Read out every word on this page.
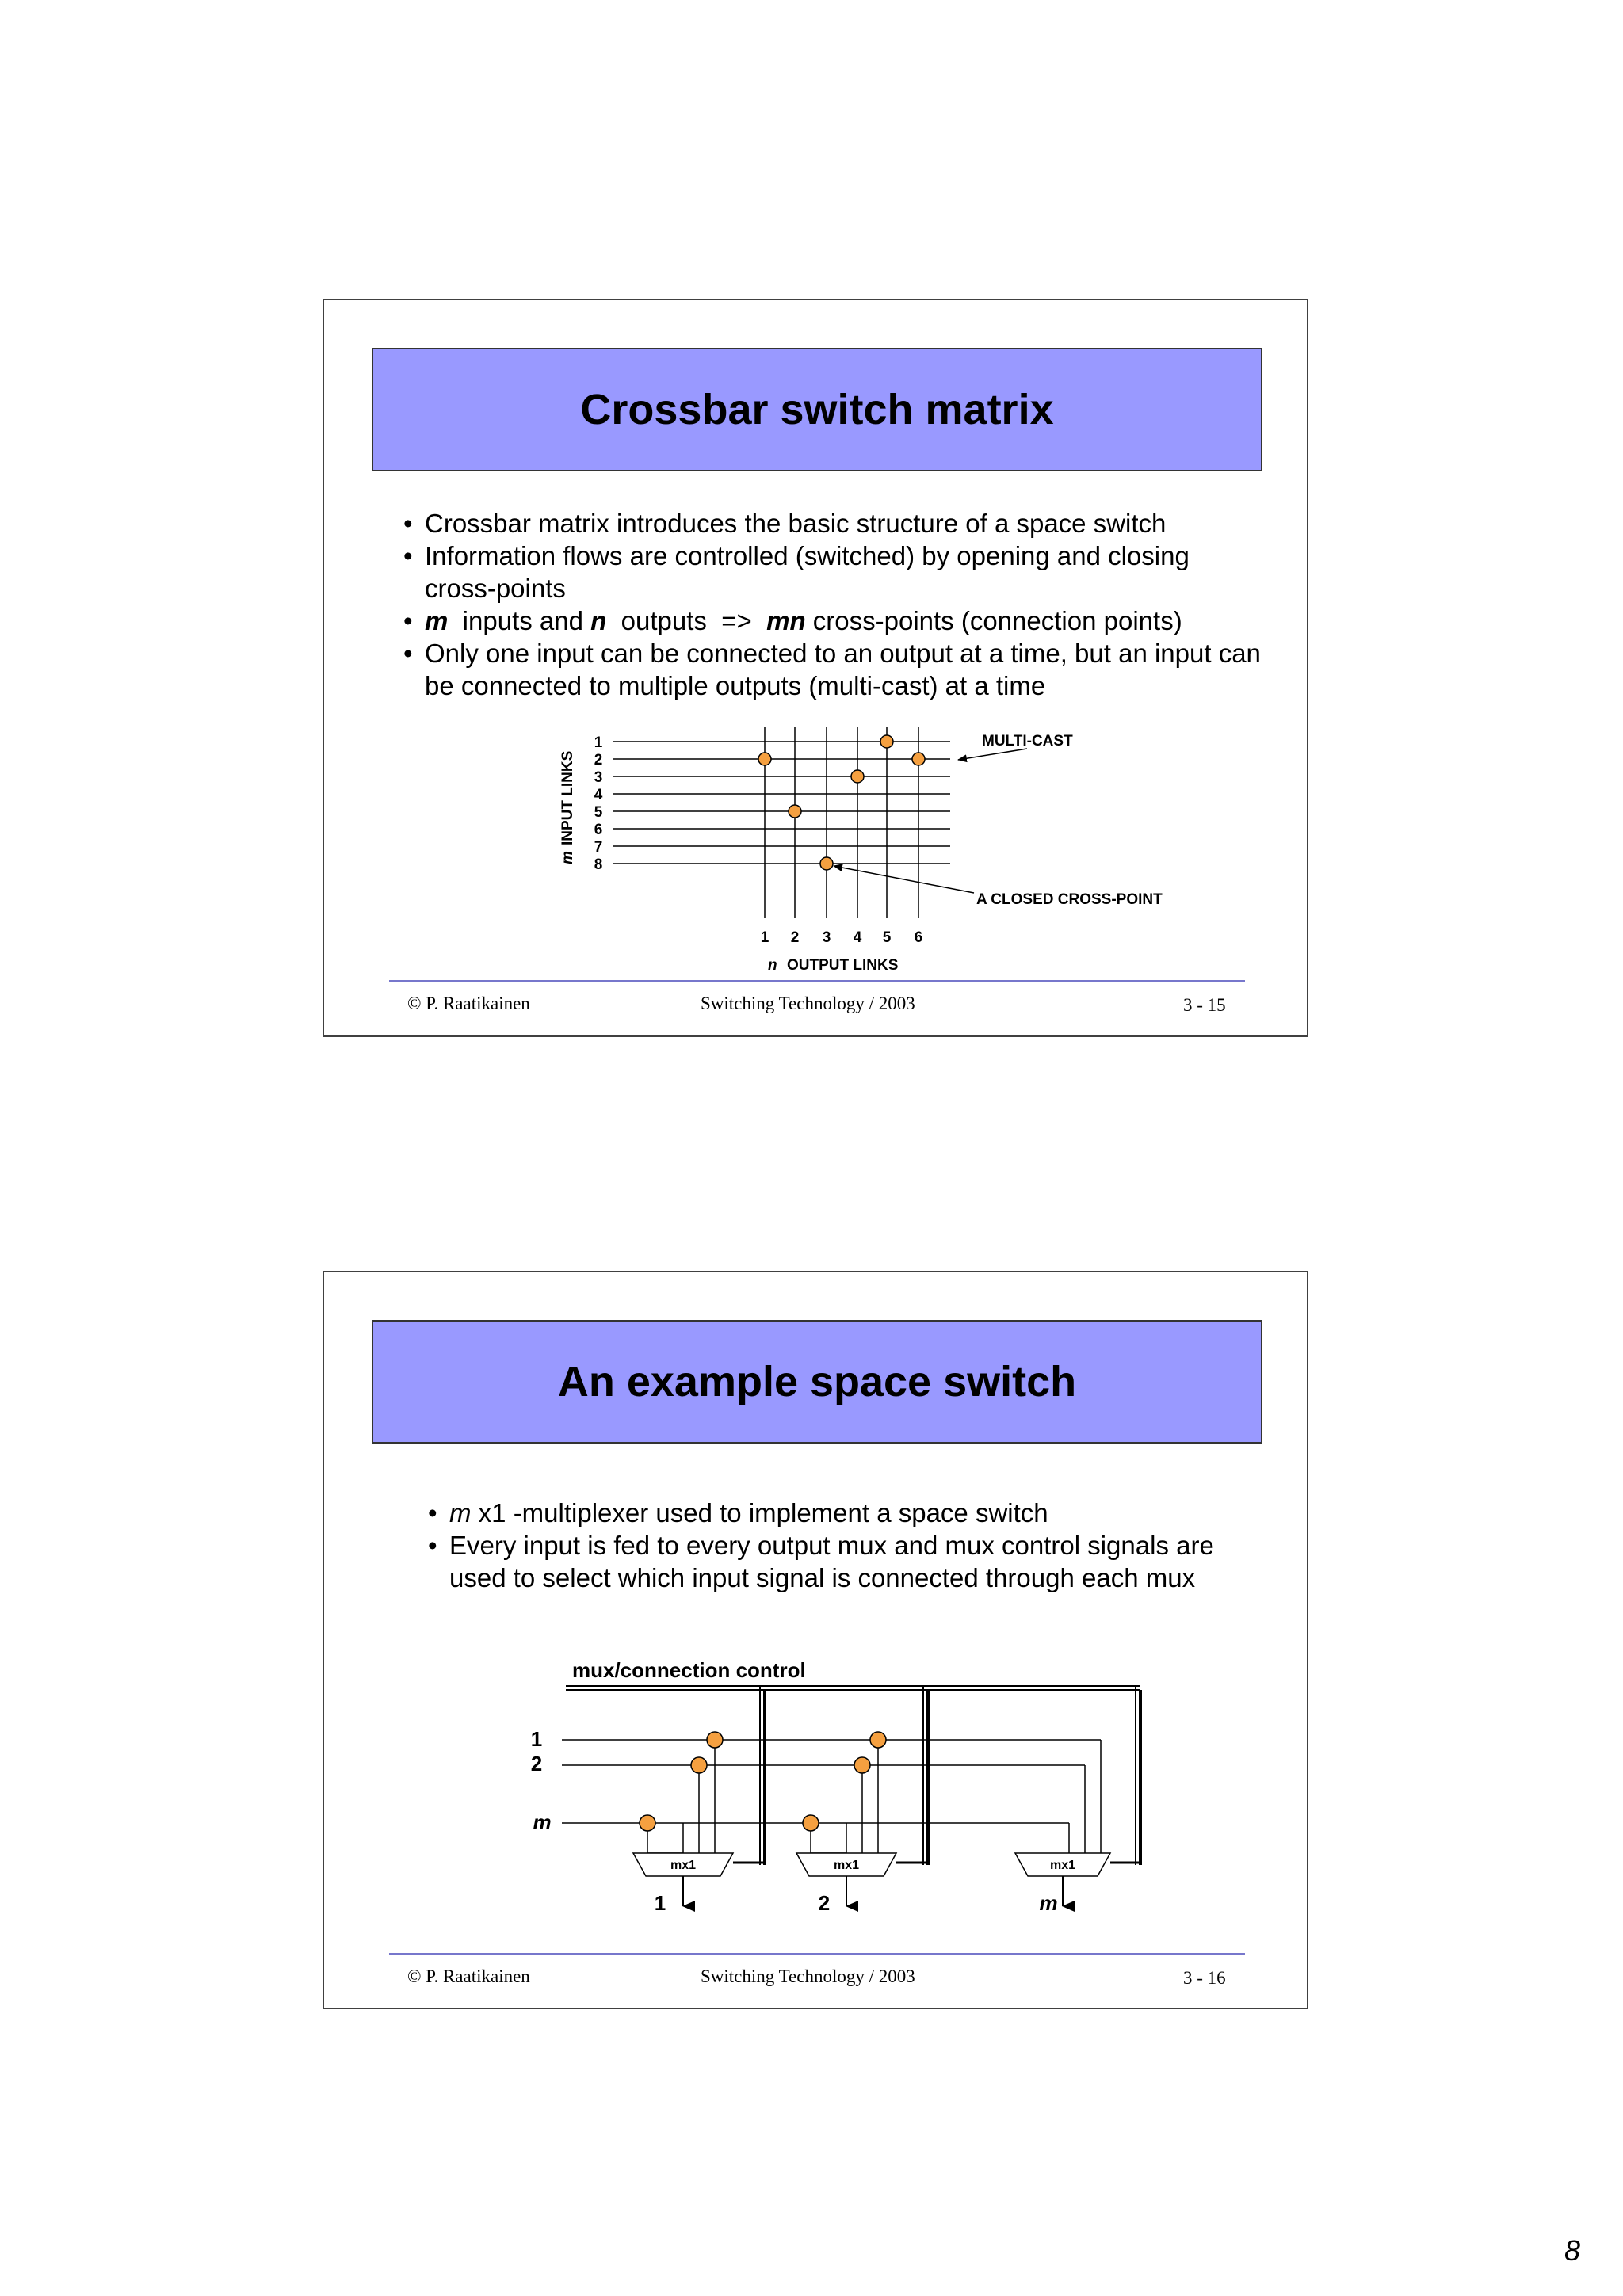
Crossbar switch matrix
• Crossbar matrix introduces the basic structure of a space switch
• Information flows are controlled (switched) by opening and closing cross-points
• m  inputs and n  outputs  =>  mn cross-points (connection points)
• Only one input can be connected to an output at a time, but an input can be connected to multiple outputs (multi-cast) at a time
1
2
3
4
5
6
7
8
m
INPUT LINKS
1 2 3 4 5 6
n OUTPUT LINKS
MULTI-CAST
A CLOSED CROSS-POINT
© P. Raatikainen	Switching Technology / 2003	3 - 15
An example space switch
• m x1 -multiplexer used to implement a space switch
• Every input is fed to every output mux and mux control signals are used to select which input signal is connected through each mux
mux/connection control
1
2
m
mx1	mx1	mx1
1	2	m
© P. Raatikainen	Switching Technology / 2003	3 - 16
8
